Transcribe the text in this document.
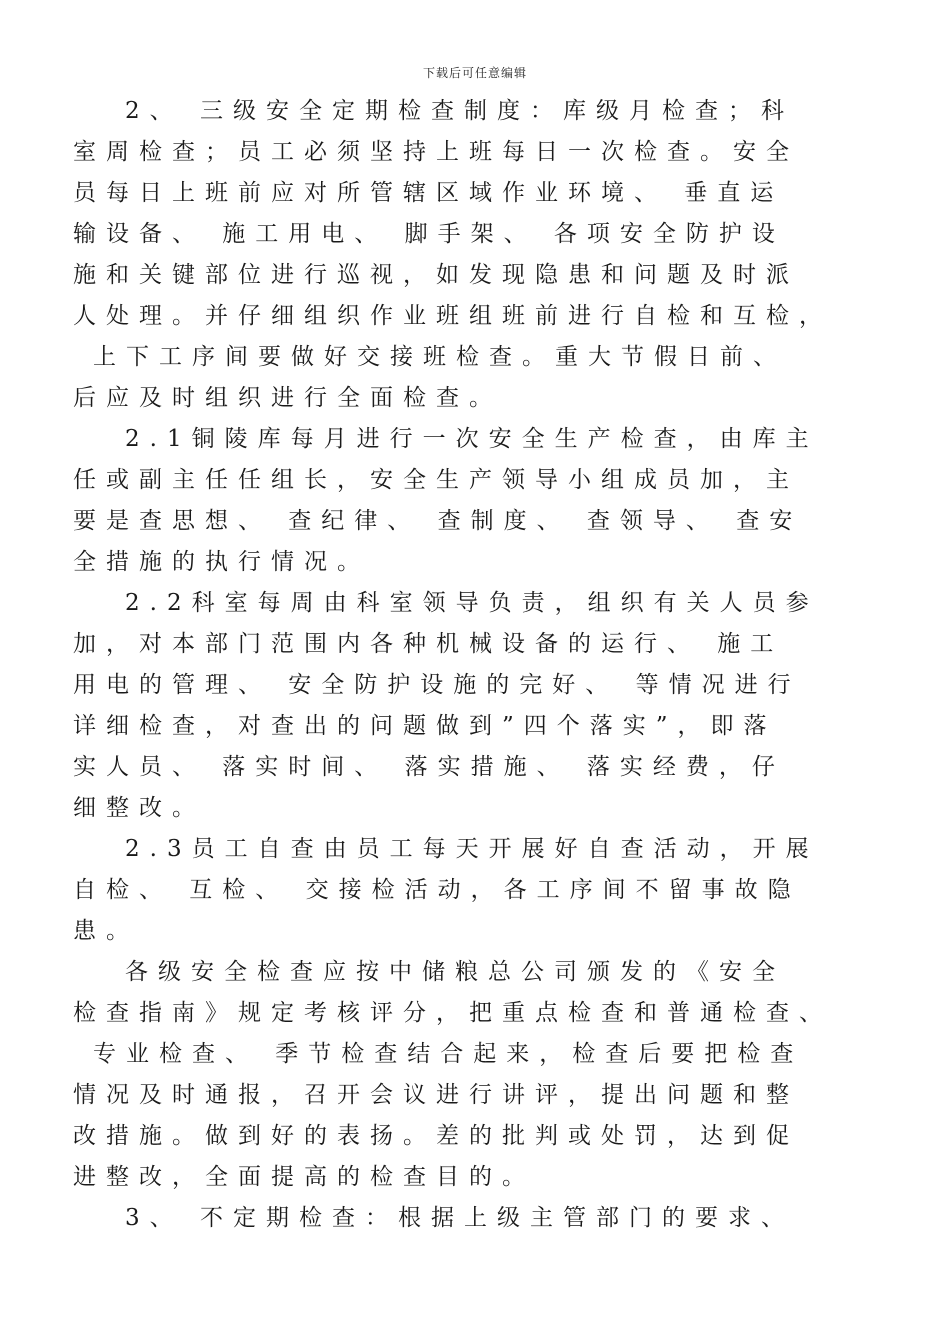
下载后可任意编辑
2、 三级安全定期检查制度：库级月检查；科
室周检查；员工必须坚持上班每日一次检查。安全
员每日上班前应对所管辖区域作业环境、 垂直运
输设备、 施工用电、 脚手架、 各项安全防护设
施和关键部位进行巡视，如发现隐患和问题及时派
人处理。并仔细组织作业班组班前进行自检和互检，
上下工序间要做好交接班检查。重大节假日前、
后应及时组织进行全面检查。
2.1铜陵库每月进行一次安全生产检查，由库主
任或副主任任组长，安全生产领导小组成员加，主
要是查思想、 查纪律、 查制度、 查领导、 查安
全措施的执行情况。
2.2科室每周由科室领导负责，组织有关人员参
加，对本部门范围内各种机械设备的运行、 施工
用电的管理、 安全防护设施的完好、 等情况进行
详细检查，对查出的问题做到”四个落实”，即落
实人员、 落实时间、 落实措施、 落实经费，仔
细整改。
2.3员工自查由员工每天开展好自查活动，开展
自检、 互检、 交接检活动，各工序间不留事故隐
患。
各级安全检查应按中储粮总公司颁发的《安全
检查指南》规定考核评分，把重点检查和普通检查、
专业检查、 季节检查结合起来，检查后要把检查
情况及时通报，召开会议进行讲评，提出问题和整
改措施。做到好的表扬。差的批判或处罚，达到促
进整改，全面提高的检查目的。
3、 不定期检查：根据上级主管部门的要求、
